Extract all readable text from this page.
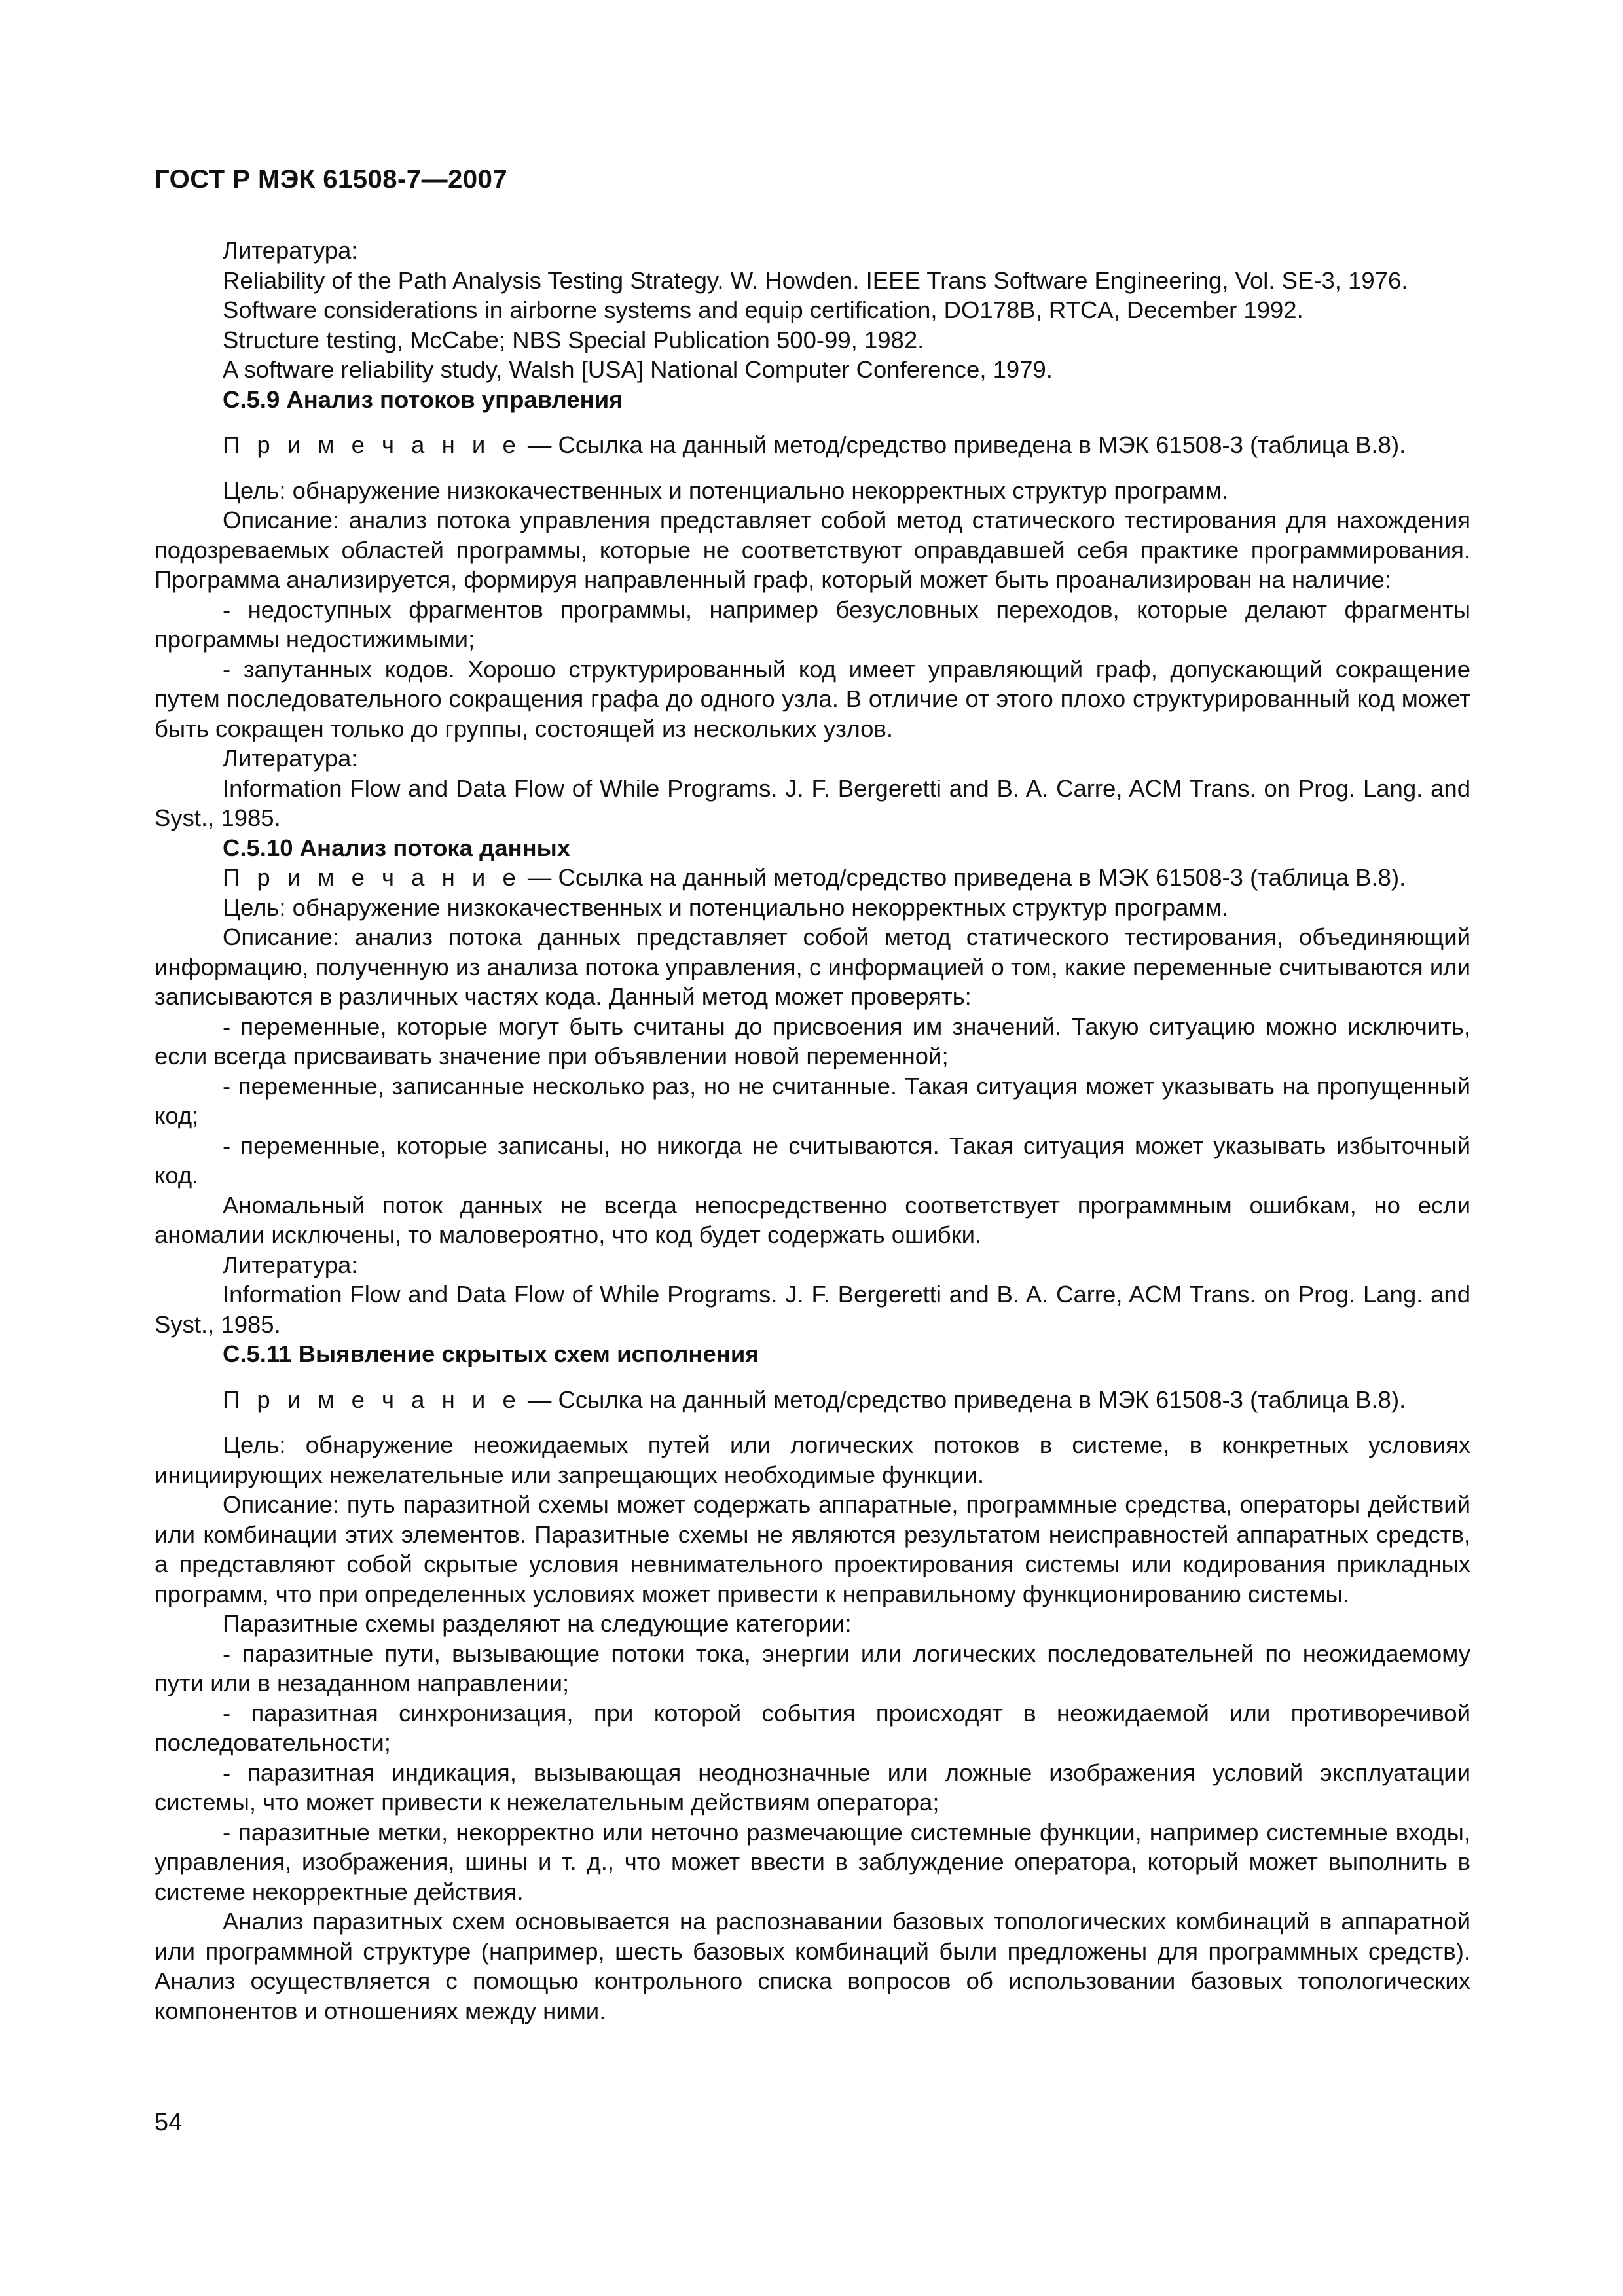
ГОСТ Р МЭК 61508-7—2007
Литература:
Reliability of the Path Analysis Testing Strategy. W. Howden. IEEE Trans Software Engineering, Vol. SE-3, 1976.
Software considerations in airborne systems and equip certification, DO178B, RTCA, December 1992.
Structure testing, McCabe; NBS Special Publication 500-99, 1982.
A software reliability study, Walsh [USA] National Computer Conference, 1979.
С.5.9 Анализ потоков управления
П р и м е ч а н и е — Ссылка на данный метод/средство приведена в МЭК 61508-3 (таблица В.8).
Цель: обнаружение низкокачественных и потенциально некорректных структур программ.
Описание: анализ потока управления представляет собой метод статического тестирования для нахождения подозреваемых областей программы, которые не соответствуют оправдавшей себя практике программирования. Программа анализируется, формируя направленный граф, который может быть проанализирован на наличие:
- недоступных фрагментов программы, например безусловных переходов, которые делают фрагменты программы недостижимыми;
- запутанных кодов. Хорошо структурированный код имеет управляющий граф, допускающий сокращение путем последовательного сокращения графа до одного узла. В отличие от этого плохо структурированный код может быть сокращен только до группы, состоящей из нескольких узлов.
Литература:
Information Flow and Data Flow of While Programs. J. F. Bergeretti and B. A. Carre, ACM Trans. on Prog. Lang. and Syst., 1985.
С.5.10 Анализ потока данных
П р и м е ч а н и е — Ссылка на данный метод/средство приведена в МЭК 61508-3 (таблица В.8).
Цель: обнаружение низкокачественных и потенциально некорректных структур программ.
Описание: анализ потока данных представляет собой метод статического тестирования, объединяющий информацию, полученную из анализа потока управления, с информацией о том, какие переменные считываются или записываются в различных частях кода. Данный метод может проверять:
- переменные, которые могут быть считаны до присвоения им значений. Такую ситуацию можно исключить, если всегда присваивать значение при объявлении новой переменной;
- переменные, записанные несколько раз, но не считанные. Такая ситуация может указывать на пропущенный код;
- переменные, которые записаны, но никогда не считываются. Такая ситуация может указывать избыточный код.
Аномальный поток данных не всегда непосредственно соответствует программным ошибкам, но если аномалии исключены, то маловероятно, что код будет содержать ошибки.
Литература:
Information Flow and Data Flow of While Programs. J. F. Bergeretti and B. A. Carre, ACM Trans. on Prog. Lang. and Syst., 1985.
С.5.11 Выявление скрытых схем исполнения
П р и м е ч а н и е — Ссылка на данный метод/средство приведена в МЭК 61508-3 (таблица В.8).
Цель: обнаружение неожидаемых путей или логических потоков в системе, в конкретных условиях инициирующих нежелательные или запрещающих необходимые функции.
Описание: путь паразитной схемы может содержать аппаратные, программные средства, операторы действий или комбинации этих элементов. Паразитные схемы не являются результатом неисправностей аппаратных средств, а представляют собой скрытые условия невнимательного проектирования системы или кодирования прикладных программ, что при определенных условиях может привести к неправильному функционированию системы.
Паразитные схемы разделяют на следующие категории:
- паразитные пути, вызывающие потоки тока, энергии или логических последовательней по неожидаемому пути или в незаданном направлении;
- паразитная синхронизация, при которой события происходят в неожидаемой или противоречивой последовательности;
- паразитная индикация, вызывающая неоднозначные или ложные изображения условий эксплуатации системы, что может привести к нежелательным действиям оператора;
- паразитные метки, некорректно или неточно размечающие системные функции, например системные входы, управления, изображения, шины и т. д., что может ввести в заблуждение оператора, который может выполнить в системе некорректные действия.
Анализ паразитных схем основывается на распознавании базовых топологических комбинаций в аппаратной или программной структуре (например, шесть базовых комбинаций были предложены для программных средств). Анализ осуществляется с помощью контрольного списка вопросов об использовании базовых топологических компонентов и отношениях между ними.
54
